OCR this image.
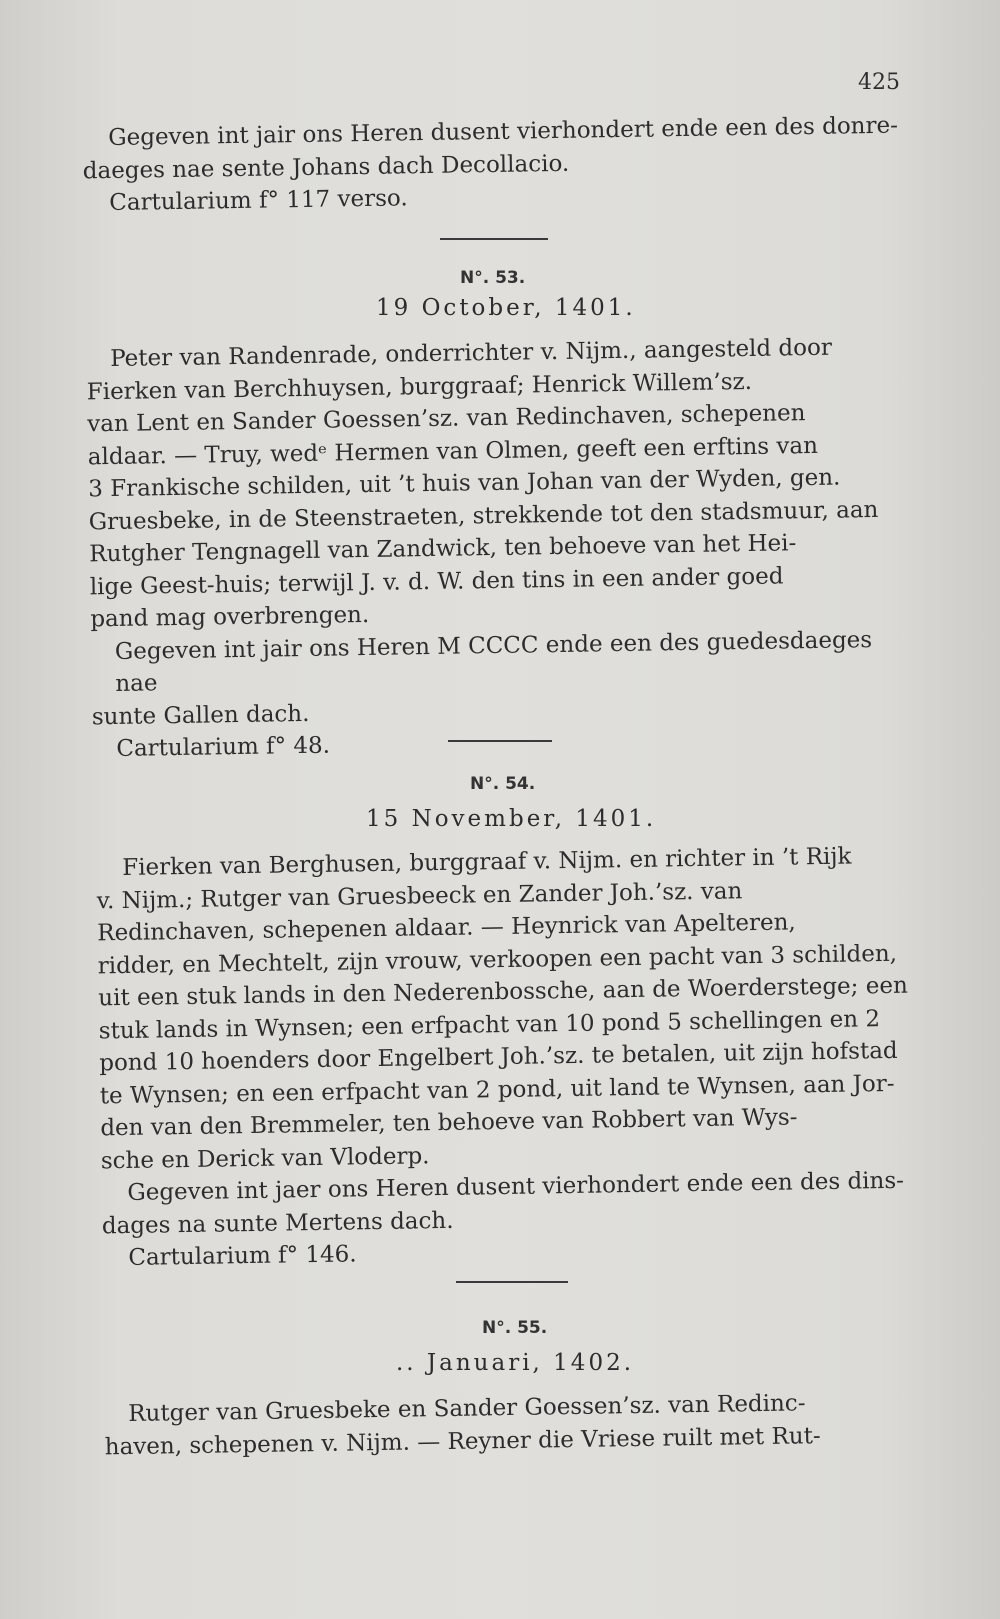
425

Gegeven int jair ons Heren dusent vierhondert ende een des donre-

daeges nae sente Johans dach Decollacio.

Cartularium f° 117 verso.

N°. 53.
19 October, 1401.

Peter van Randenrade, onderrichter v. Nijm., aangesteld door

Fierken van Berchhuysen, burggraaf; Henrick Willem’sz.

van Lent en Sander Goessen’sz. van Redinchaven, schepenen

aldaar. — Truy, wedᵉ Hermen van Olmen, geeft een erftins van

3 Frankische schilden, uit ’t huis van Johan van der Wyden, gen.

Gruesbeke, in de Steenstraeten, strekkende tot den stadsmuur, aan

Rutgher Tengnagell van Zandwick, ten behoeve van het Hei-

lige Geest-huis; terwijl J. v. d. W. den tins in een ander goed

pand mag overbrengen.

Gegeven int jair ons Heren M CCCC ende een des guedesdaeges nae

sunte Gallen dach.

Cartularium f° 48.

N°. 54.
15 November, 1401.

Fierken van Berghusen, burggraaf v. Nijm. en richter in ’t Rijk

v. Nijm.; Rutger van Gruesbeeck en Zander Joh.’sz. van

Redinchaven, schepenen aldaar. — Heynrick van Apelteren,

ridder, en Mechtelt, zijn vrouw, verkoopen een pacht van 3 schilden,

uit een stuk lands in den Nederenbossche, aan de Woerderstege; een

stuk lands in Wynsen; een erfpacht van 10 pond 5 schellingen en 2

pond 10 hoenders door Engelbert Joh.’sz. te betalen, uit zijn hofstad

te Wynsen; en een erfpacht van 2 pond, uit land te Wynsen, aan Jor-

den van den Bremmeler, ten behoeve van Robbert van Wys-

sche en Derick van Vloderp.

Gegeven int jaer ons Heren dusent vierhondert ende een des dins-

dages na sunte Mertens dach.

Cartularium f° 146.

N°. 55.
.. Januari, 1402.

Rutger van Gruesbeke en Sander Goessen’sz. van Redinc-

haven, schepenen v. Nijm. — Reyner die Vriese ruilt met Rut-
